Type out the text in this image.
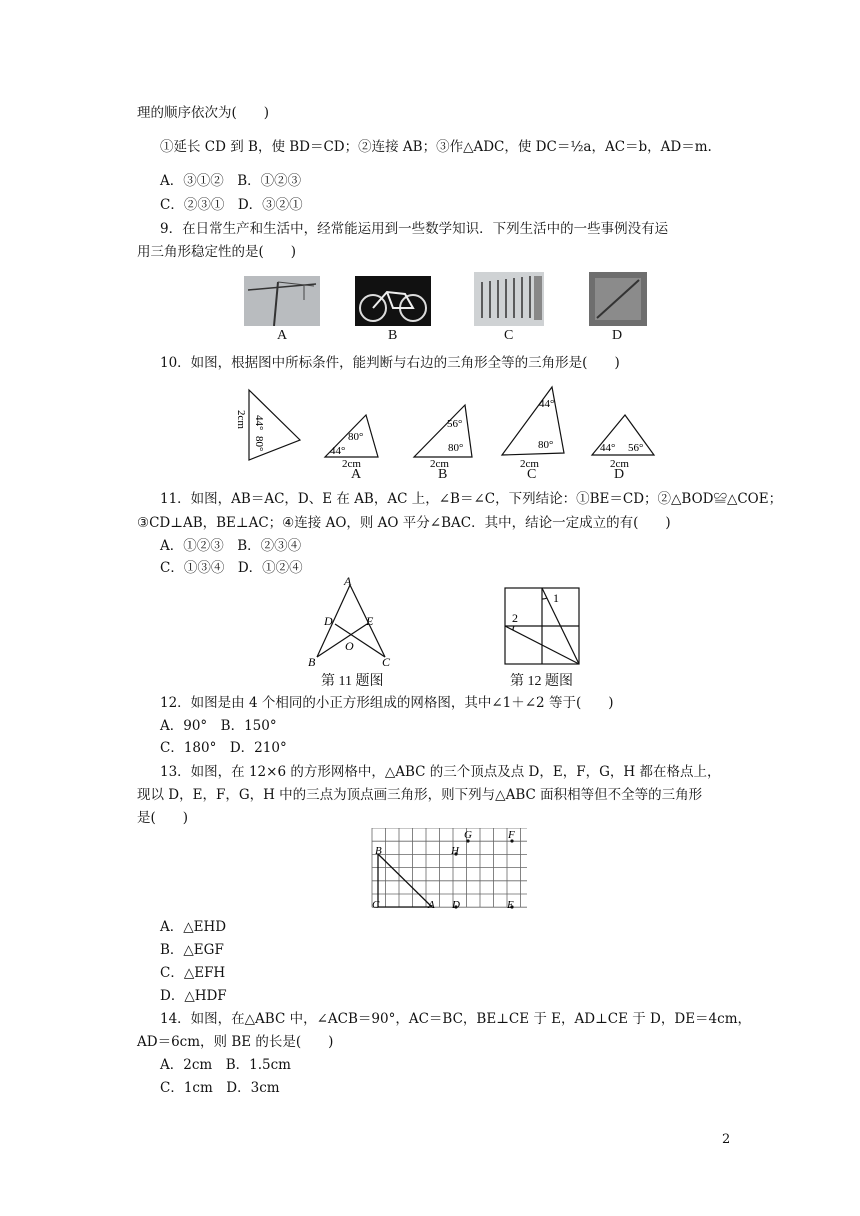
理的顺序依次为(　　)
①延长 CD 到 B，使 BD＝CD；②连接 AB；③作△ADC，使 DC＝½a，AC＝b，AD＝m.
A．③①②　B．①②③
C．②③①　D．③②①
9．在日常生产和生活中，经常能运用到一些数学知识．下列生活中的一些事例没有运
用三角形稳定性的是(　　)
A	B	C	D
10．如图，根据图中所标条件，能判断与右边的三角形全等的三角形是(　　)
2cm 44°
80°	80°
44°
2cm
56°
80°
2cm
44°
80°
2cm
44° 56°
2cm
A	B	C	D
11．如图，AB＝AC，D、E 在 AB，AC 上，∠B＝∠C，下列结论：①BE＝CD；②△BOD≌△COE；
③CD⊥AB，BE⊥AC；④连接 AO，则 AO 平分∠BAC．其中，结论一定成立的有(　　)
A．①②③　B．②③④
C．①③④　D．①②④
A
D	E
O
B	C
第 11 题图
1
2
第 12 题图
12．如图是由 4 个相同的小正方形组成的网格图，其中∠1＋∠2 等于(　　)
A．90°　B．150°
C．180°　D．210°
13．如图，在 12×6 的方形网格中，△ABC 的三个顶点及点 D，E，F，G，H 都在格点上，
现以 D，E，F，G，H 中的三点为顶点画三角形，则下列与△ABC 面积相等但不全等的三角形
是(　　)
B
C	A D	E
G
H
F
A．△EHD
B．△EGF
C．△EFH
D．△HDF
14．如图，在△ABC 中，∠ACB＝90°，AC＝BC，BE⊥CE 于 E，AD⊥CE 于 D，DE＝4cm，
AD＝6cm，则 BE 的长是(　　)
A．2cm　B．1.5cm
C．1cm　D．3cm
2
